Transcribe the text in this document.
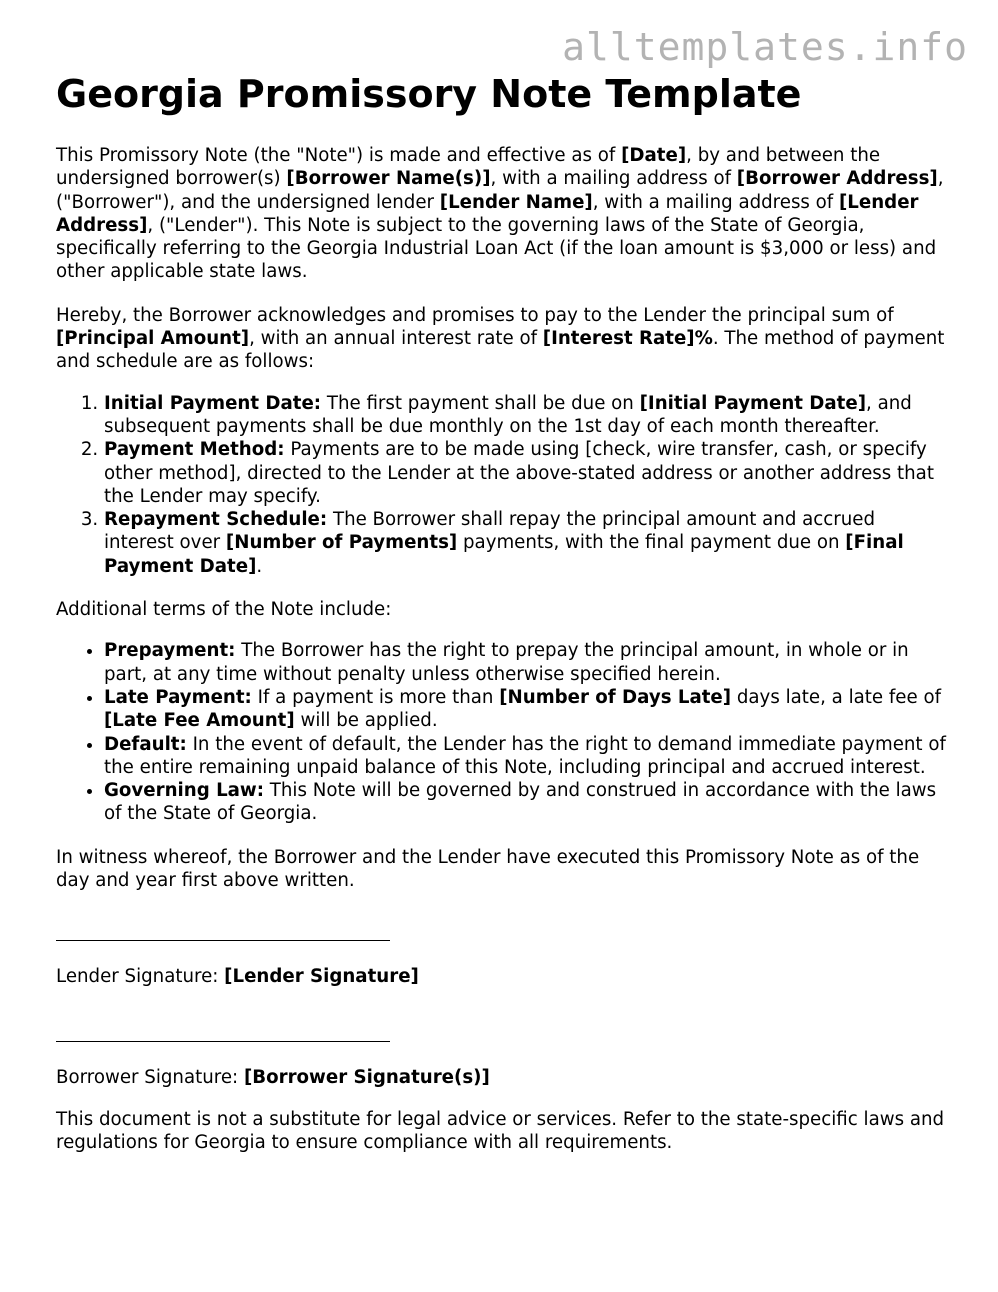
alltemplates.info
Georgia Promissory Note Template

This Promissory Note (the "Note") is made and effective as of [Date], by and between the undersigned borrower(s) [Borrower Name(s)], with a mailing address of [Borrower Address], ("Borrower"), and the undersigned lender [Lender Name], with a mailing address of [Lender Address], ("Lender"). This Note is subject to the governing laws of the State of Georgia, specifically referring to the Georgia Industrial Loan Act (if the loan amount is $3,000 or less) and other applicable state laws.

Hereby, the Borrower acknowledges and promises to pay to the Lender the principal sum of [Principal Amount], with an annual interest rate of [Interest Rate]%. The method of payment and schedule are as follows:

1. Initial Payment Date: The first payment shall be due on [Initial Payment Date], and subsequent payments shall be due monthly on the 1st day of each month thereafter.
2. Payment Method: Payments are to be made using [check, wire transfer, cash, or specify other method], directed to the Lender at the above-stated address or another address that the Lender may specify.
3. Repayment Schedule: The Borrower shall repay the principal amount and accrued interest over [Number of Payments] payments, with the final payment due on [Final Payment Date].

Additional terms of the Note include:

• Prepayment: The Borrower has the right to prepay the principal amount, in whole or in part, at any time without penalty unless otherwise specified herein.
• Late Payment: If a payment is more than [Number of Days Late] days late, a late fee of [Late Fee Amount] will be applied.
• Default: In the event of default, the Lender has the right to demand immediate payment of the entire remaining unpaid balance of this Note, including principal and accrued interest.
• Governing Law: This Note will be governed by and construed in accordance with the laws of the State of Georgia.

In witness whereof, the Borrower and the Lender have executed this Promissory Note as of the day and year first above written.

Lender Signature: [Lender Signature]

Borrower Signature: [Borrower Signature(s)]

This document is not a substitute for legal advice or services. Refer to the state-specific laws and regulations for Georgia to ensure compliance with all requirements.
